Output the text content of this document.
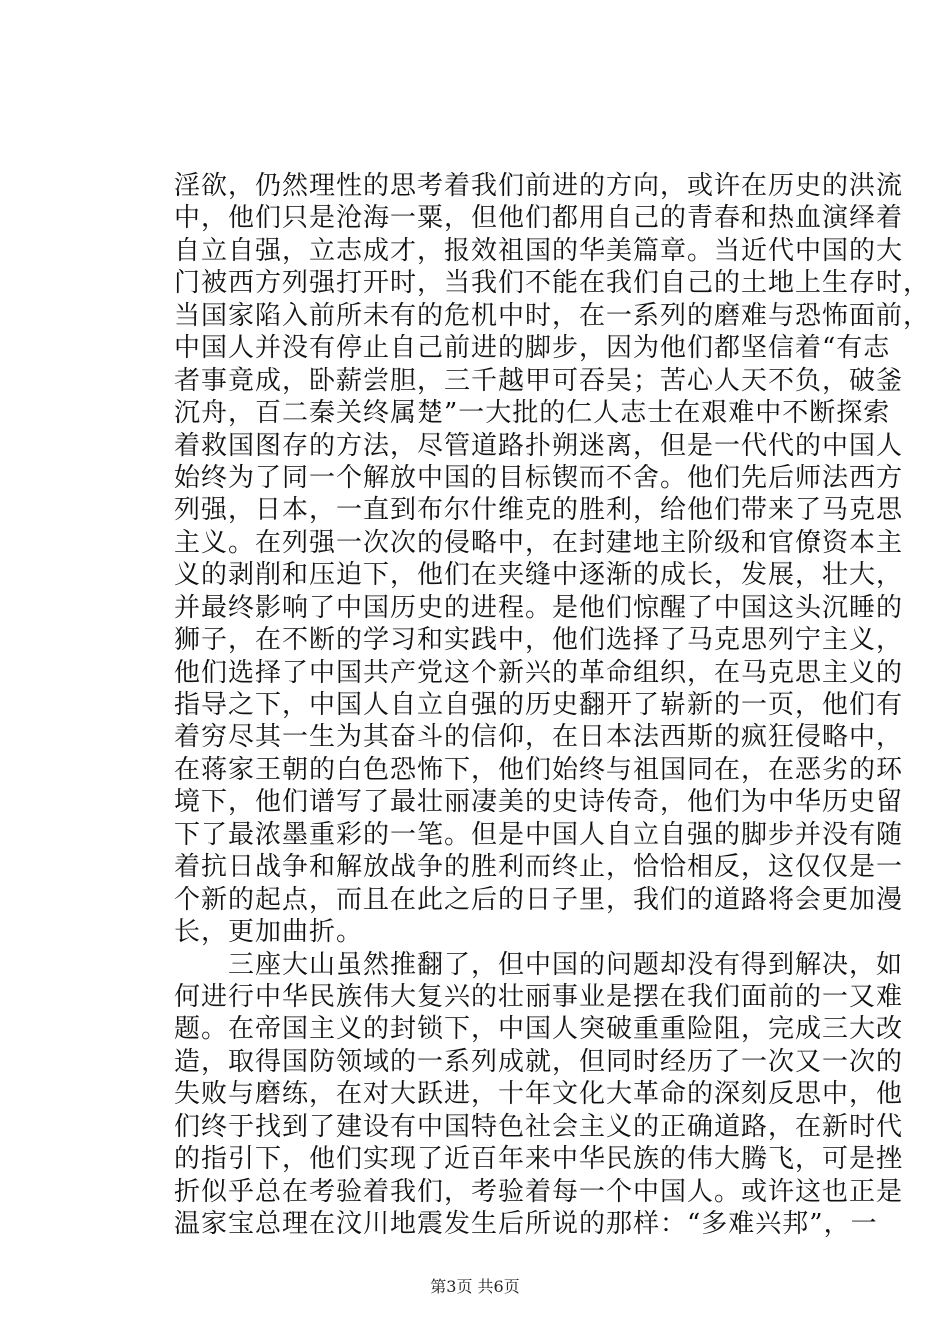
淫欲，仍然理性的思考着我们前进的方向，或许在历史的洪流
中，他们只是沧海一粟，但他们都用自己的青春和热血演绎着
自立自强，立志成才，报效祖国的华美篇章。当近代中国的大
门被西方列强打开时，当我们不能在我们自己的土地上生存时，
当国家陷入前所未有的危机中时，在一系列的磨难与恐怖面前，
中国人并没有停止自己前进的脚步，因为他们都坚信着“有志
者事竟成，卧薪尝胆，三千越甲可吞吴；苦心人天不负，破釜
沉舟，百二秦关终属楚”一大批的仁人志士在艰难中不断探索
着救国图存的方法，尽管道路扑朔迷离，但是一代代的中国人
始终为了同一个解放中国的目标锲而不舍。他们先后师法西方
列强，日本，一直到布尔什维克的胜利，给他们带来了马克思
主义。在列强一次次的侵略中，在封建地主阶级和官僚资本主
义的剥削和压迫下，他们在夹缝中逐渐的成长，发展，壮大，
并最终影响了中国历史的进程。是他们惊醒了中国这头沉睡的
狮子，在不断的学习和实践中，他们选择了马克思列宁主义，
他们选择了中国共产党这个新兴的革命组织，在马克思主义的
指导之下，中国人自立自强的历史翻开了崭新的一页，他们有
着穷尽其一生为其奋斗的信仰，在日本法西斯的疯狂侵略中，
在蒋家王朝的白色恐怖下，他们始终与祖国同在，在恶劣的环
境下，他们谱写了最壮丽凄美的史诗传奇，他们为中华历史留
下了最浓墨重彩的一笔。但是中国人自立自强的脚步并没有随
着抗日战争和解放战争的胜利而终止，恰恰相反，这仅仅是一
个新的起点，而且在此之后的日子里，我们的道路将会更加漫
长，更加曲折。
　　三座大山虽然推翻了，但中国的问题却没有得到解决，如
何进行中华民族伟大复兴的壮丽事业是摆在我们面前的一又难
题。在帝国主义的封锁下，中国人突破重重险阻，完成三大改
造，取得国防领域的一系列成就，但同时经历了一次又一次的
失败与磨练，在对大跃进，十年文化大革命的深刻反思中，他
们终于找到了建设有中国特色社会主义的正确道路，在新时代
的指引下，他们实现了近百年来中华民族的伟大腾飞，可是挫
折似乎总在考验着我们，考验着每一个中国人。或许这也正是
温家宝总理在汶川地震发生后所说的那样：“多难兴邦”，一
第3页 共6页
